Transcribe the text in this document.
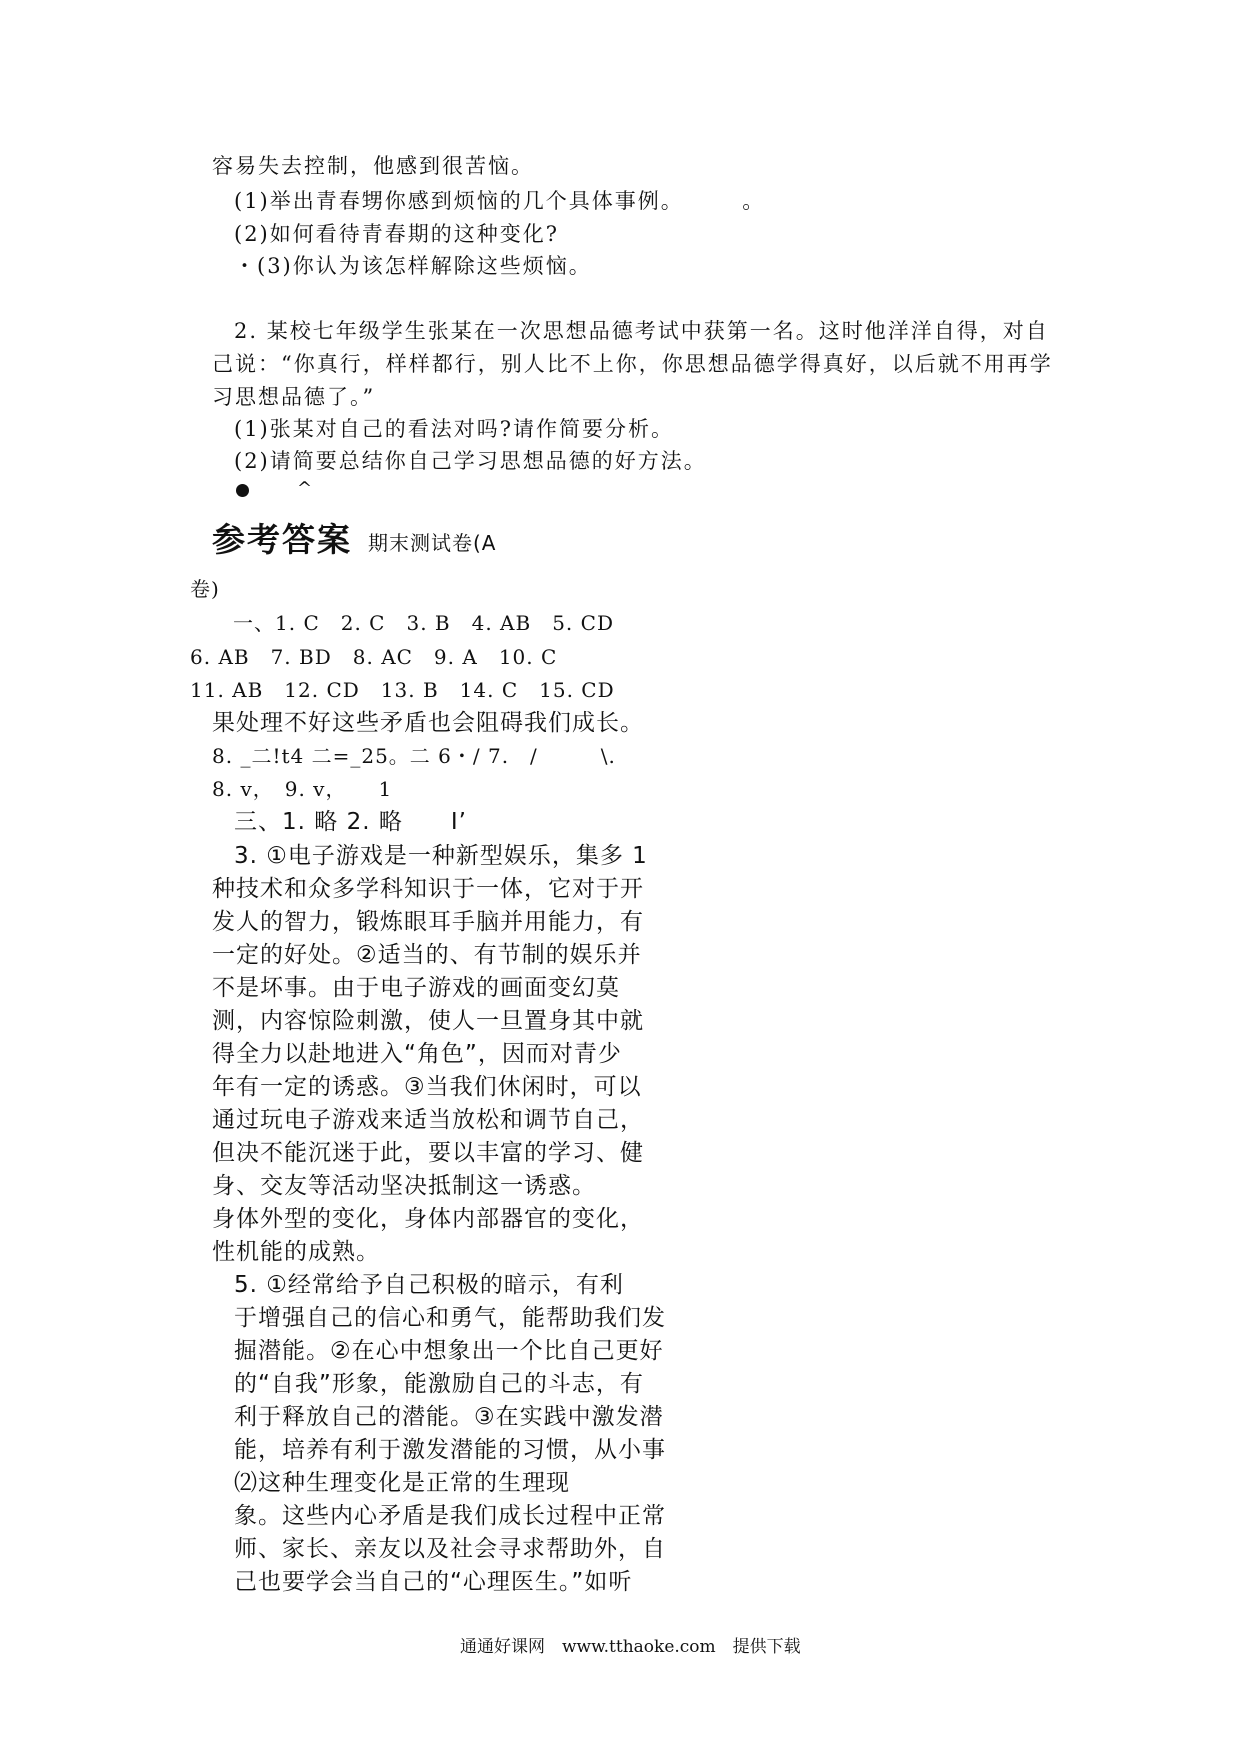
容易失去控制，他感到很苦恼。
(1)举出青春甥你感到烦恼的几个具体事例。　　　。
(2)如何看待青春期的这种变化?
・(3)你认为该怎样解除这些烦恼。
2. 某校七年级学生张某在一次思想品德考试中获第一名。这时他洋洋自得，对自
己说：“你真行，样样都行，别人比不上你，你思想品德学得真好，以后就不用再学
习思想品德了。”
(1)张某对自己的看法对吗?请作简要分析。
(2)请简要总结你自己学习思想品德的好方法。
^
参考答案 期末测试卷(A
卷)
一、1. C　2. C　3. B　4. AB　5. CD
6. AB　7. BD　8. AC　9. A　10. C
11. AB　12. CD　13. B　14. C　15. CD
果处理不好这些矛盾也会阻碍我们成长。
8. _二!t4 二=_25。二 6・/ 7.　/　　　\.
8. v，　9. v，　　1
三、1. 略 2. 略　　I’
3. ①电子游戏是一种新型娱乐，集多 1
种技术和众多学科知识于一体，它对于开
发人的智力，锻炼眼耳手脑并用能力，有
一定的好处。②适当的、有节制的娱乐并
不是坏事。由于电子游戏的画面变幻莫
测，内容惊险刺激，使人一旦置身其中就
得全力以赴地进入“角色”，因而对青少
年有一定的诱惑。③当我们休闲时，可以
通过玩电子游戏来适当放松和调节自己，
但决不能沉迷于此，要以丰富的学习、健
身、交友等活动坚决抵制这一诱惑。
身体外型的变化，身体内部器官的变化，
性机能的成熟。
5. ①经常给予自己积极的暗示，有利
于增强自己的信心和勇气，能帮助我们发
掘潜能。②在心中想象出一个比自己更好
的“自我”形象，能激励自己的斗志，有
利于释放自己的潜能。③在实践中激发潜
能，培养有利于激发潜能的习惯，从小事
⑵这种生理变化是正常的生理现
象。这些内心矛盾是我们成长过程中正常
师、家长、亲友以及社会寻求帮助外，自
己也要学会当自己的“心理医生。”如听
通通好课网　www.tthaoke.com　提供下载
